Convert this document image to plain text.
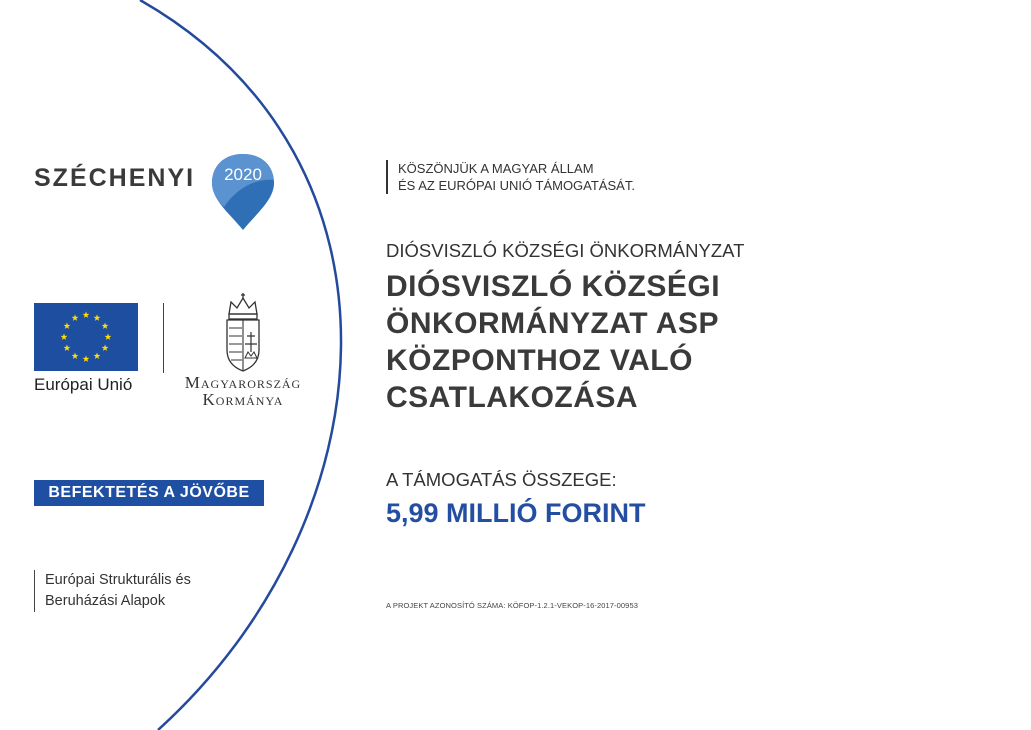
SZÉCHENYI	2020
Európai Unió	Magyarország
Kormánya
BEFEKTETÉS A JÖVŐBE
Európai Strukturális és
Beruházási Alapok
KÖSZÖNJÜK A MAGYAR ÁLLAM
ÉS AZ EURÓPAI UNIÓ TÁMOGATÁSÁT.
DIÓSVISZLÓ KÖZSÉGI ÖNKORMÁNYZAT
DIÓSVISZLÓ KÖZSÉGI
ÖNKORMÁNYZAT ASP
KÖZPONTHOZ VALÓ
CSATLAKOZÁSA
A TÁMOGATÁS ÖSSZEGE:
5,99 MILLIÓ FORINT
A PROJEKT AZONOSÍTÓ SZÁMA: KÖFOP-1.2.1-VEKOP-16-2017-00953
